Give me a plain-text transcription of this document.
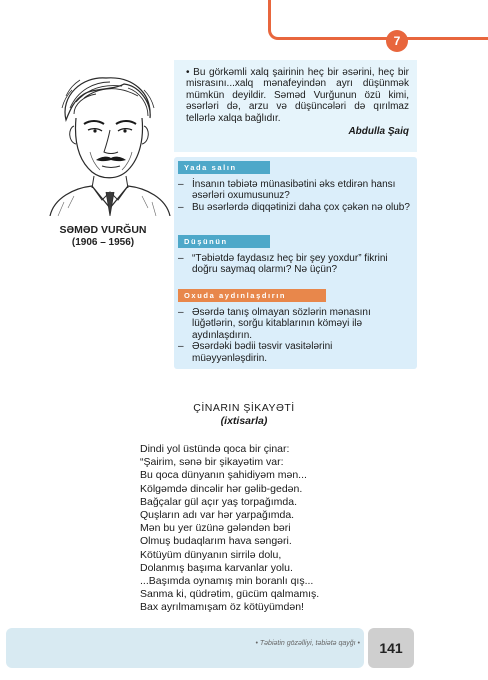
7
SƏMƏD VURĞUN
(1906 – 1956)

• Bu görkəmli xalq şairinin heç bir əsərini, heç bir misrasını...xalq mənafeyindən ayrı düşünmək mümkün deyildir. Səməd Vurğunun özü kimi, əsərləri də, arzu və düşüncələri də qırılmaz tellərlə xalqa bağlıdır.

Abdulla Şaiq
Yada salın
– İnsanın təbiətə münasibətini əks etdirən hansı əsərləri oxumusunuz?
– Bu əsərlərdə diqqətinizi daha çox çəkən nə olub?
Düşünün
– “Təbiətdə faydasız heç bir şey yoxdur” fikrini doğru saymaq olarmı? Nə üçün?
Oxuda aydınlaşdırın
– Əsərdə tanış olmayan sözlərin mənasını lüğətlərin, sorğu kitablarının köməyi ilə aydınlaşdırın.
– Əsərdəki bədii təsvir vasitələrini müəyyənləşdirin.
ÇİNARIN ŞİKAYƏTİ
(ixtisarla)
Dindi yol üstündə qoca bir çinar:
“Şairim, sənə bir şikayətim var:
Bu qoca dünyanın şahidiyəm mən...
Kölgəmdə dincəlir hər gəlib-gedən.
Bağçalar gül açır yaş torpağımda.
Quşların adı var hər yarpağımda.
Mən bu yer üzünə gələndən bəri
Olmuş budaqlarım hava səngəri.
Kötüyüm dünyanın sirrilə dolu,
Dolanmış başıma karvanlar yolu.
...Başımda oynamış min boranlı qış...
Sanma ki, qüdrətim, gücüm qalmamış.
Bax ayrılmamışam öz kötüyümdən!
• Təbiətin gözəlliyi, təbiətə qayğı •	141
